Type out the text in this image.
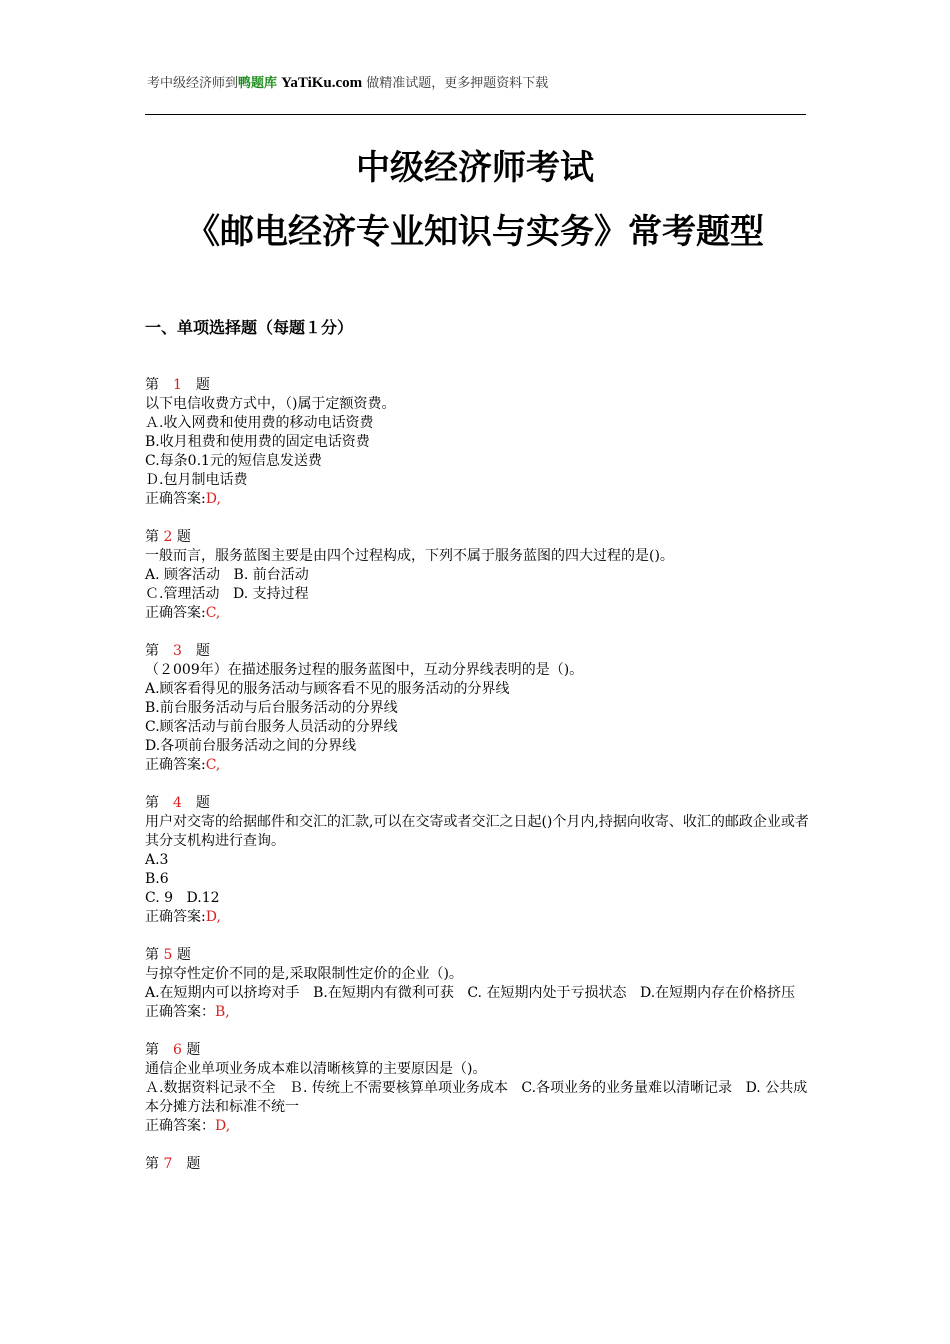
考中级经济师到鸭题库 YaTiKu.com 做精准试题，更多押题资料下载
中级经济师考试
《邮电经济专业知识与实务》常考题型
一、单项选择题（每题１分）
第　1　题
以下电信收费方式中，（)属于定额资费。
Ａ.收入网费和使用费的移动电话资费
B.收月租费和使用费的固定电话资费
C.每条0.1元的短信息发送费
Ｄ.包月制电话费
正确答案:D,
第 2 题
一般而言，服务蓝图主要是由四个过程构成，下列不属于服务蓝图的四大过程的是()。
A. 顾客活动ﾠB. 前台活动
Ｃ.管理活动ﾠD. 支持过程
正确答案:C,
第　3　题
（２009年）在描述服务过程的服务蓝图中，互动分界线表明的是（)。
A.顾客看得见的服务活动与顾客看不见的服务活动的分界线
B.前台服务活动与后台服务活动的分界线
C.顾客活动与前台服务人员活动的分界线
D.各项前台服务活动之间的分界线
正确答案:C,
第　4　题
用户对交寄的给据邮件和交汇的汇款,可以在交寄或者交汇之日起()个月内,持据向收寄、收汇的邮政企业或者其分支机构进行查询。
A.3
B.6
C. 9ﾠD.12
正确答案:D,
第 5 题
与掠夺性定价不同的是,采取限制性定价的企业（)。
A.在短期内可以挤垮对手ﾠB.在短期内有微利可获ﾠC. 在短期内处于亏损状态ﾠD.在短期内存在价格挤压
正确答案：B,
第　6 题
通信企业单项业务成本难以清晰核算的主要原因是（)。
Ａ.数据资料记录不全ﾠＢ. 传统上不需要核算单项业务成本ﾠC.各项业务的业务量难以清晰记录ﾠD. 公共成本分摊方法和标准不统一
正确答案：D,
第 7　题
